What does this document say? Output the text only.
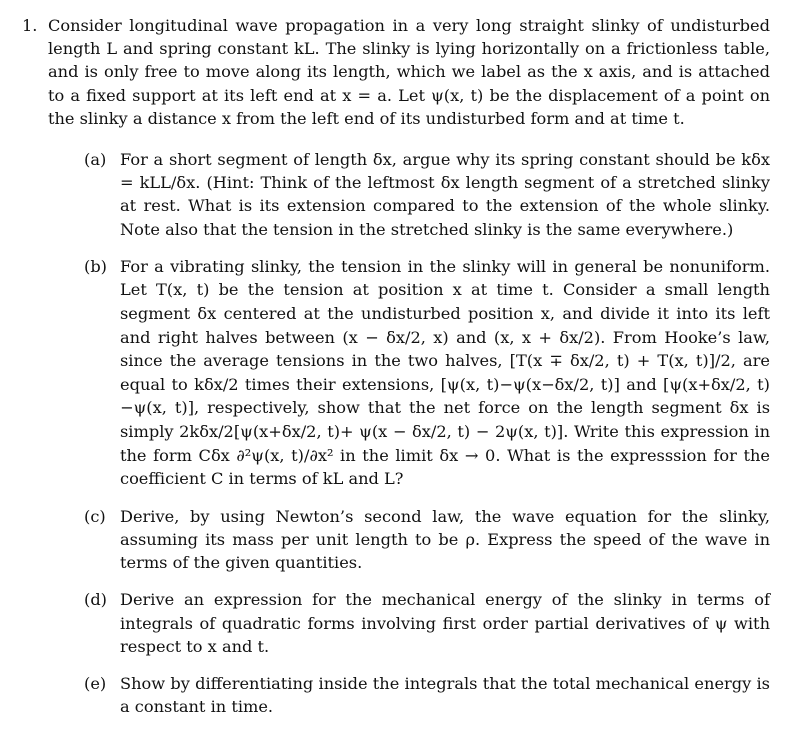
1. Consider longitudinal wave propagation in a very long straight slinky of undisturbed length L and spring constant kL. The slinky is lying horizontally on a frictionless table, and is only free to move along its length, which we label as the x axis, and is attached to a fixed support at its left end at x = a. Let ψ(x, t) be the displacement of a point on the slinky a distance x from the left end of its undisturbed form and at time t.
(a) For a short segment of length δx, argue why its spring constant should be kδx = kLL/δx. (Hint: Think of the leftmost δx length segment of a stretched slinky at rest. What is its extension compared to the extension of the whole slinky. Note also that the tension in the stretched slinky is the same everywhere.)
(b) For a vibrating slinky, the tension in the slinky will in general be nonuniform. Let T(x, t) be the tension at position x at time t. Consider a small length segment δx centered at the undisturbed position x, and divide it into its left and right halves between (x − δx/2, x) and (x, x + δx/2). From Hooke’s law, since the average tensions in the two halves, [T(x ∓ δx/2, t) + T(x, t)]/2, are equal to kδx/2 times their extensions, [ψ(x, t)−ψ(x−δx/2, t)] and [ψ(x+δx/2, t)−ψ(x, t)], respectively, show that the net force on the length segment δx is simply 2kδx/2[ψ(x+δx/2, t)+ ψ(x − δx/2, t) − 2ψ(x, t)]. Write this expression in the form Cδx ∂²ψ(x, t)/∂x² in the limit δx → 0. What is the expresssion for the coefficient C in terms of kL and L?
(c) Derive, by using Newton’s second law, the wave equation for the slinky, assuming its mass per unit length to be ρ. Express the speed of the wave in terms of the given quantities.
(d) Derive an expression for the mechanical energy of the slinky in terms of integrals of quadratic forms involving first order partial derivatives of ψ with respect to x and t.
(e) Show by differentiating inside the integrals that the total mechanical energy is a constant in time.
